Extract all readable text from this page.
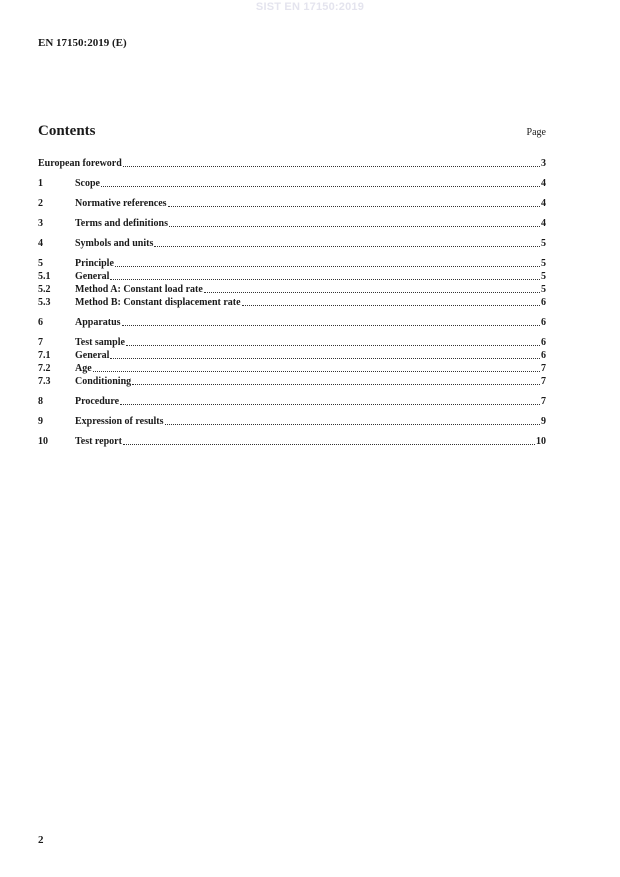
SIST EN 17150:2019
EN 17150:2019 (E)
Contents	Page
European foreword	3
1	Scope	4
2	Normative references	4
3	Terms and definitions	4
4	Symbols and units	5
5	Principle	5
5.1	General	5
5.2	Method A: Constant load rate	5
5.3	Method B: Constant displacement rate	6
6	Apparatus	6
7	Test sample	6
7.1	General	6
7.2	Age	7
7.3	Conditioning	7
8	Procedure	7
9	Expression of results	9
10	Test report	10
2
